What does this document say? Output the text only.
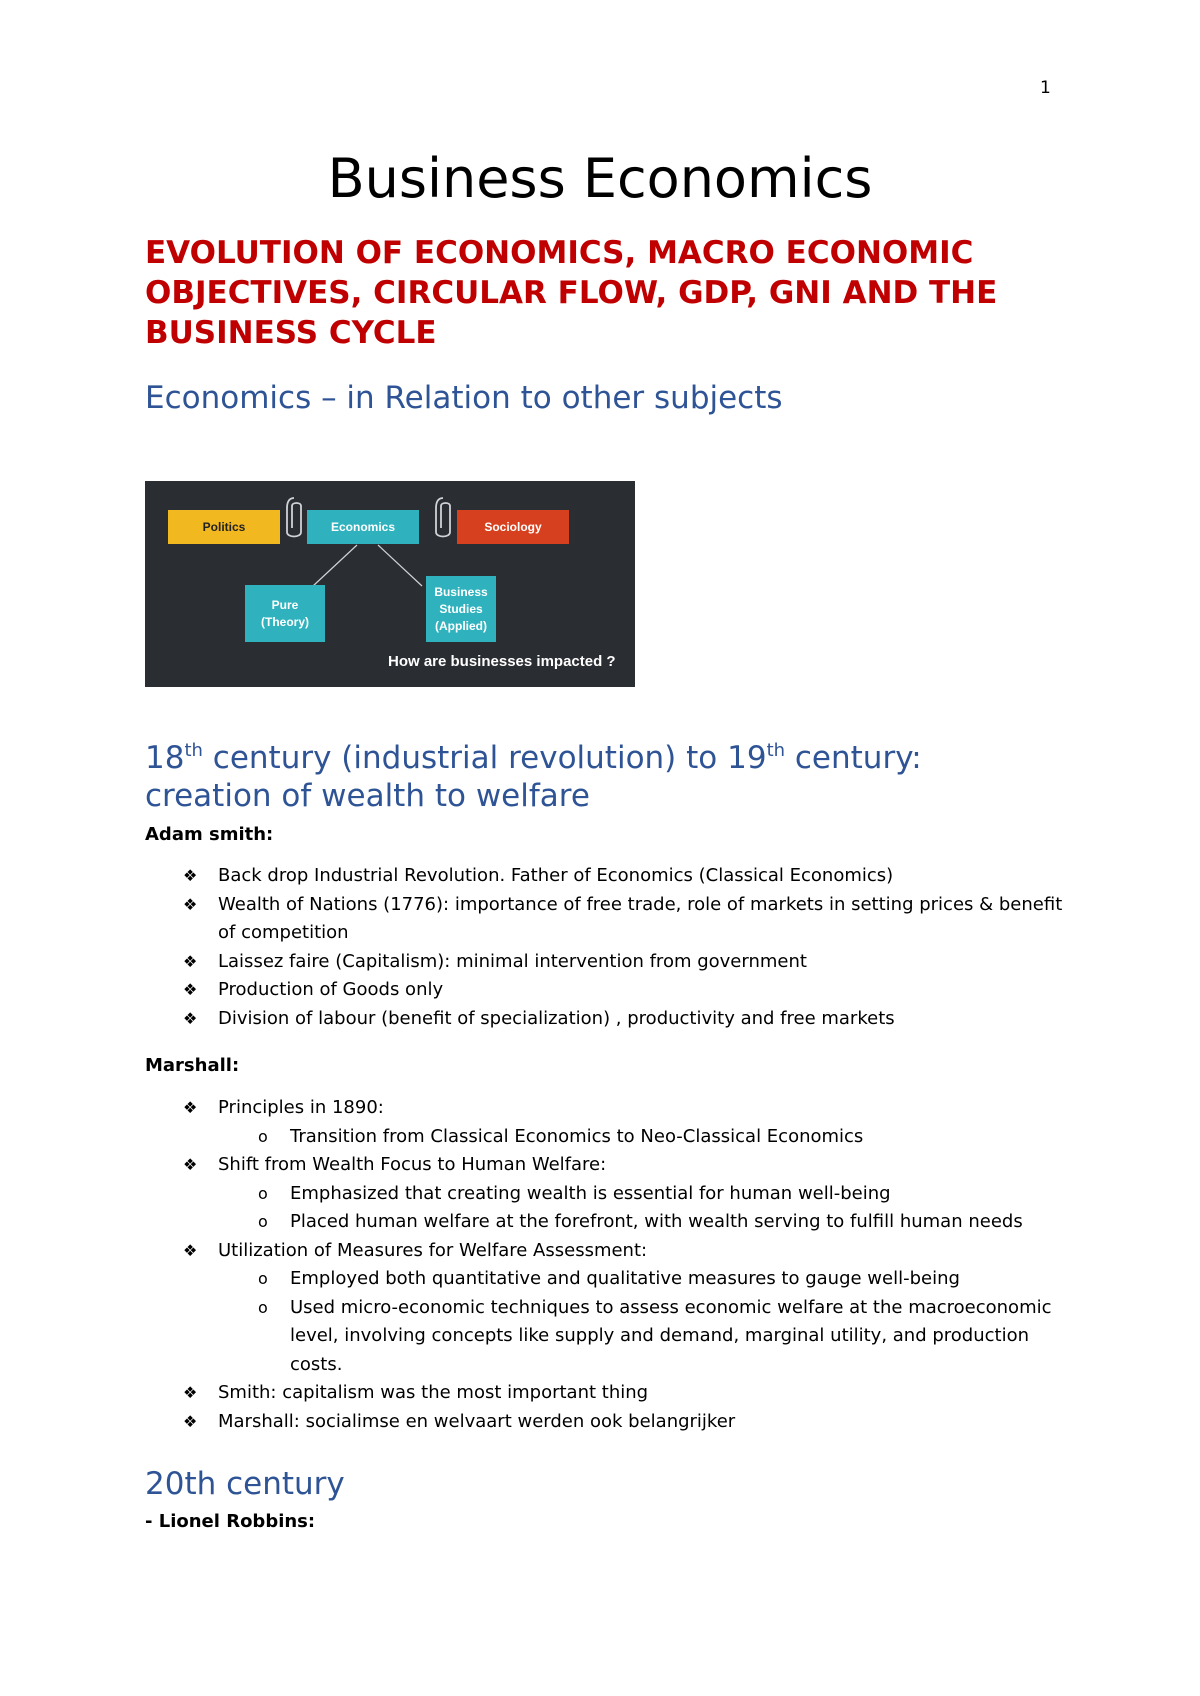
1
Business Economics
EVOLUTION OF ECONOMICS, MACRO ECONOMIC OBJECTIVES, CIRCULAR FLOW, GDP, GNI AND THE BUSINESS CYCLE
Economics – in Relation to other subjects
Politics	Economics	Sociology
Pure (Theory)
Business Studies (Applied)
How are businesses impacted ?
18th century (industrial revolution) to 19th century:
creation of wealth to welfare
Adam smith:
❖ Back drop Industrial Revolution. Father of Economics (Classical Economics)
❖ Wealth of Nations (1776): importance of free trade, role of markets in setting prices & benefit of competition
❖ Laissez faire (Capitalism): minimal intervention from government
❖ Production of Goods only
❖ Division of labour (benefit of specialization) , productivity and free markets
Marshall:
❖ Principles in 1890:
o Transition from Classical Economics to Neo-Classical Economics
❖ Shift from Wealth Focus to Human Welfare:
o Emphasized that creating wealth is essential for human well-being
o Placed human welfare at the forefront, with wealth serving to fulfill human needs
❖ Utilization of Measures for Welfare Assessment:
o Employed both quantitative and qualitative measures to gauge well-being
o Used micro-economic techniques to assess economic welfare at the macroeconomic level, involving concepts like supply and demand, marginal utility, and production costs.
❖ Smith: capitalism was the most important thing
❖ Marshall: socialimse en welvaart werden ook belangrijker
20th century
- Lionel Robbins:
